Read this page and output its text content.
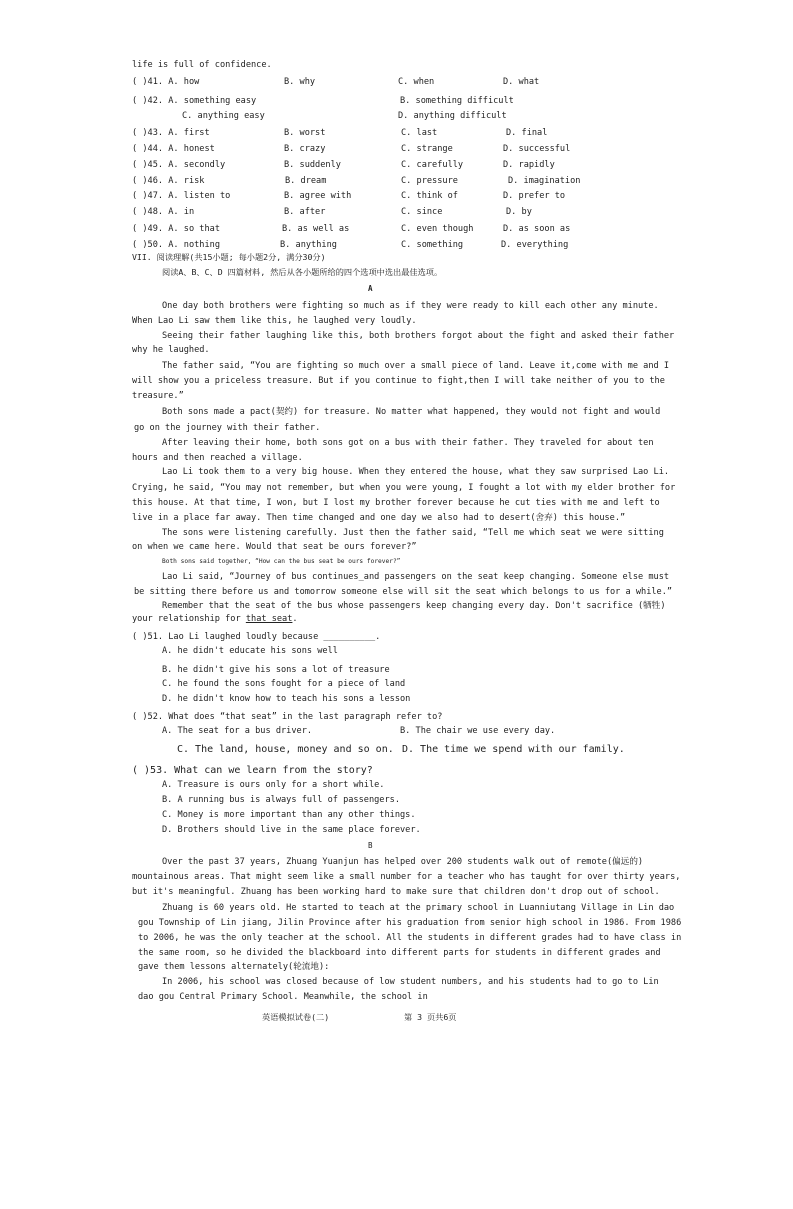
life is full of confidence.
( )41. A. how	B. why	C. when	D. what
( )42. A. something easy	B. something difficult
C. anything easy	D. anything difficult
( )43. A. first	B. worst	C. last	D. final
( )44. A. honest	B. crazy	C. strange	D. successful
( )45. A. secondly	B. suddenly	C. carefully	D. rapidly
( )46. A. risk	B. dream	C. pressure	D. imagination
( )47. A. listen to	B. agree with	C. think of	D. prefer to
( )48. A. in	B. after	C. since	D. by
( )49. A. so that	B. as well as	C. even though	D. as soon as
( )50. A. nothing	B. anything	C. something	D. everything
VII. 阅读理解(共15小题; 每小题2分, 满分30分)
阅读A、B、C、D 四篇材料, 然后从各小题所给的四个选项中选出最佳选项。
A
One day both brothers were fighting so much as if they were ready to kill each other any minute.
When Lao Li saw them like this, he laughed very loudly.
Seeing their father laughing like this, both brothers forgot about the fight and asked their father
why he laughed.
The father said, “You are fighting so much over a small piece of land. Leave it,come with me and I
will show you a priceless treasure. But if you continue to fight,then I will take neither of you to the
treasure.”
Both sons made a pact(契约) for treasure. No matter what happened, they would not fight and would
go on the journey with their father.
After leaving their home, both sons got on a bus with their father. They traveled for about ten
hours and then reached a village.
Lao Li took them to a very big house. When they entered the house, what they saw surprised Lao Li.
Crying, he said, “You may not remember, but when you were young, I fought a lot with my elder brother for
this house. At that time, I won, but I lost my brother forever because he cut ties with me and left to
live in a place far away. Then time changed and one day we also had to desert(舍弃) this house.”
The sons were listening carefully. Just then the father said, “Tell me which seat we were sitting
on when we came here. Would that seat be ours forever?”
Both sons said together, “How can the bus seat be ours forever?”
Lao Li said, “Journey of bus continues_and passengers on the seat keep changing. Someone else must
be sitting there before us and tomorrow someone else will sit the seat which belongs to us for a while.”
Remember that the seat of the bus whose passengers keep changing every day. Don't sacrifice (牺牲)
your relationship for that seat.
( )51. Lao Li laughed loudly because __________.
A. he didn't educate his sons well
B. he didn't give his sons a lot of treasure
C. he found the sons fought for a piece of land
D. he didn't know how to teach his sons a lesson
( )52. What does “that seat” in the last paragraph refer to?
A. The seat for a bus driver.	B. The chair we use every day.
C. The land, house, money and so on. D. The time we spend with our family.
( )53. What can we learn from the story?
A. Treasure is ours only for a short while.
B. A running bus is always full of passengers.
C. Money is more important than any other things.
D. Brothers should live in the same place forever.
B
Over the past 37 years, Zhuang Yuanjun has helped over 200 students walk out of remote(偏远的)
mountainous areas. That might seem like a small number for a teacher who has taught for over thirty years,
but it's meaningful. Zhuang has been working hard to make sure that children don't drop out of school.
Zhuang is 60 years old. He started to teach at the primary school in Luanniutang Village in Lin dao
gou Township of Lin jiang, Jilin Province after his graduation from senior high school in 1986. From 1986
to 2006, he was the only teacher at the school. All the students in different grades had to have class in
the same room, so he divided the blackboard into different parts for students in different grades and
gave them lessons alternately(轮流地):
In 2006, his school was closed because of low student numbers, and his students had to go to Lin
dao gou Central Primary School. Meanwhile, the school in
英语模拟试卷(二)	第 3 页共6页
